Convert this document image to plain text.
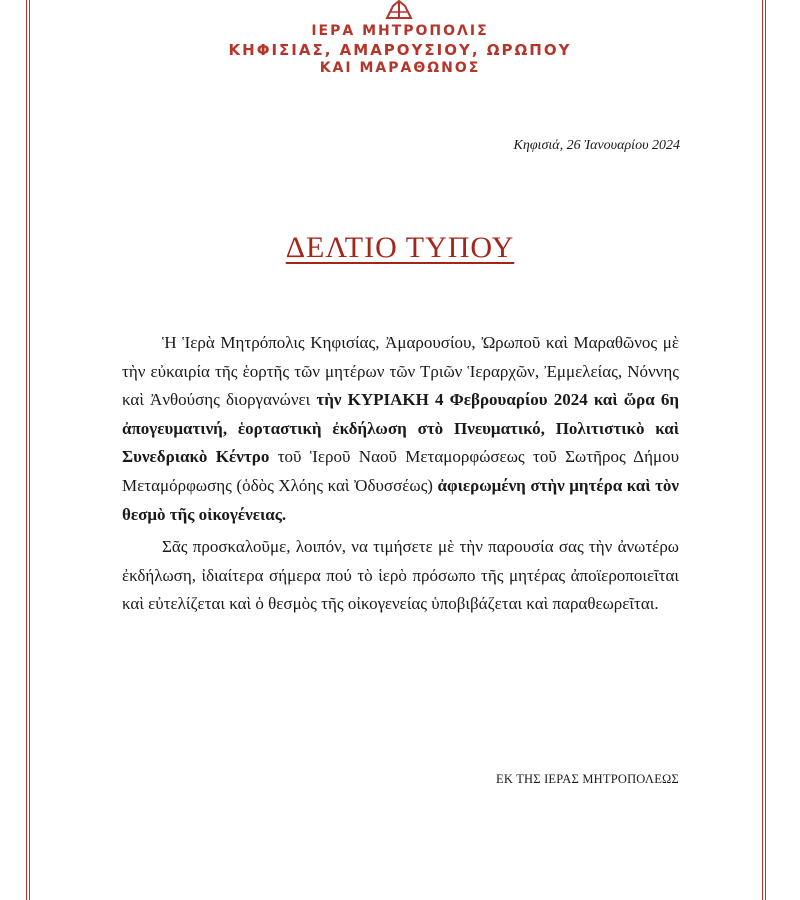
ΙΕΡΑ ΜΗΤΡΟΠΟΛΙΣ
ΚΗΦΙΣΙΑΣ, ΑΜΑΡΟΥΣΙΟΥ, ΩΡΩΠΟΥ
ΚΑΙ ΜΑΡΑΘΩΝΟΣ
Κηφισιά, 26 Ἰανουαρίου 2024
ΔΕΛΤΙΟ ΤΥΠΟΥ

Ἡ Ἱερὰ Μητρόπολις Κηφισίας, Ἀμαρουσίου, Ὠρωποῦ καὶ Μαραθῶνος μὲ τὴν εὐκαιρία τῆς ἑορτῆς τῶν μητέρων τῶν Τριῶν Ἱεραρχῶν, Ἐμμελείας, Νόννης καὶ Ἀνθούσης διοργανώνει τὴν ΚΥΡΙΑΚΗ 4 Φεβρουαρίου 2024 καὶ ὥρα 6η ἀπογευματινή, ἑορταστικὴ ἐκδήλωση στὸ Πνευματικό, Πολιτιστικὸ καὶ Συνεδριακὸ Κέντρο τοῦ Ἱεροῦ Ναοῦ Μεταμορφώσεως τοῦ Σωτῆρος Δήμου Μεταμόρφωσης (ὁδὸς Χλόης καὶ Ὀδυσσέως) ἀφιερωμένη στὴν μητέρα καὶ τὸν θεσμὸ τῆς οἰκογένειας.

Σᾶς προσκαλοῦμε, λοιπόν, να τιμήσετε μὲ τὴν παρουσία σας τὴν ἀνωτέρω ἐκδήλωση, ἰδιαίτερα σήμερα πού τὸ ἱερὸ πρόσωπο τῆς μητέρας ἀποϊεροποιεῖται καὶ εὐτελίζεται καὶ ὁ θεσμὸς τῆς οἰκογενείας ὑποβιβάζεται καὶ παραθεωρεῖται.

ΕΚ ΤΗΣ ΙΕΡΑΣ ΜΗΤΡΟΠΟΛΕΩΣ
